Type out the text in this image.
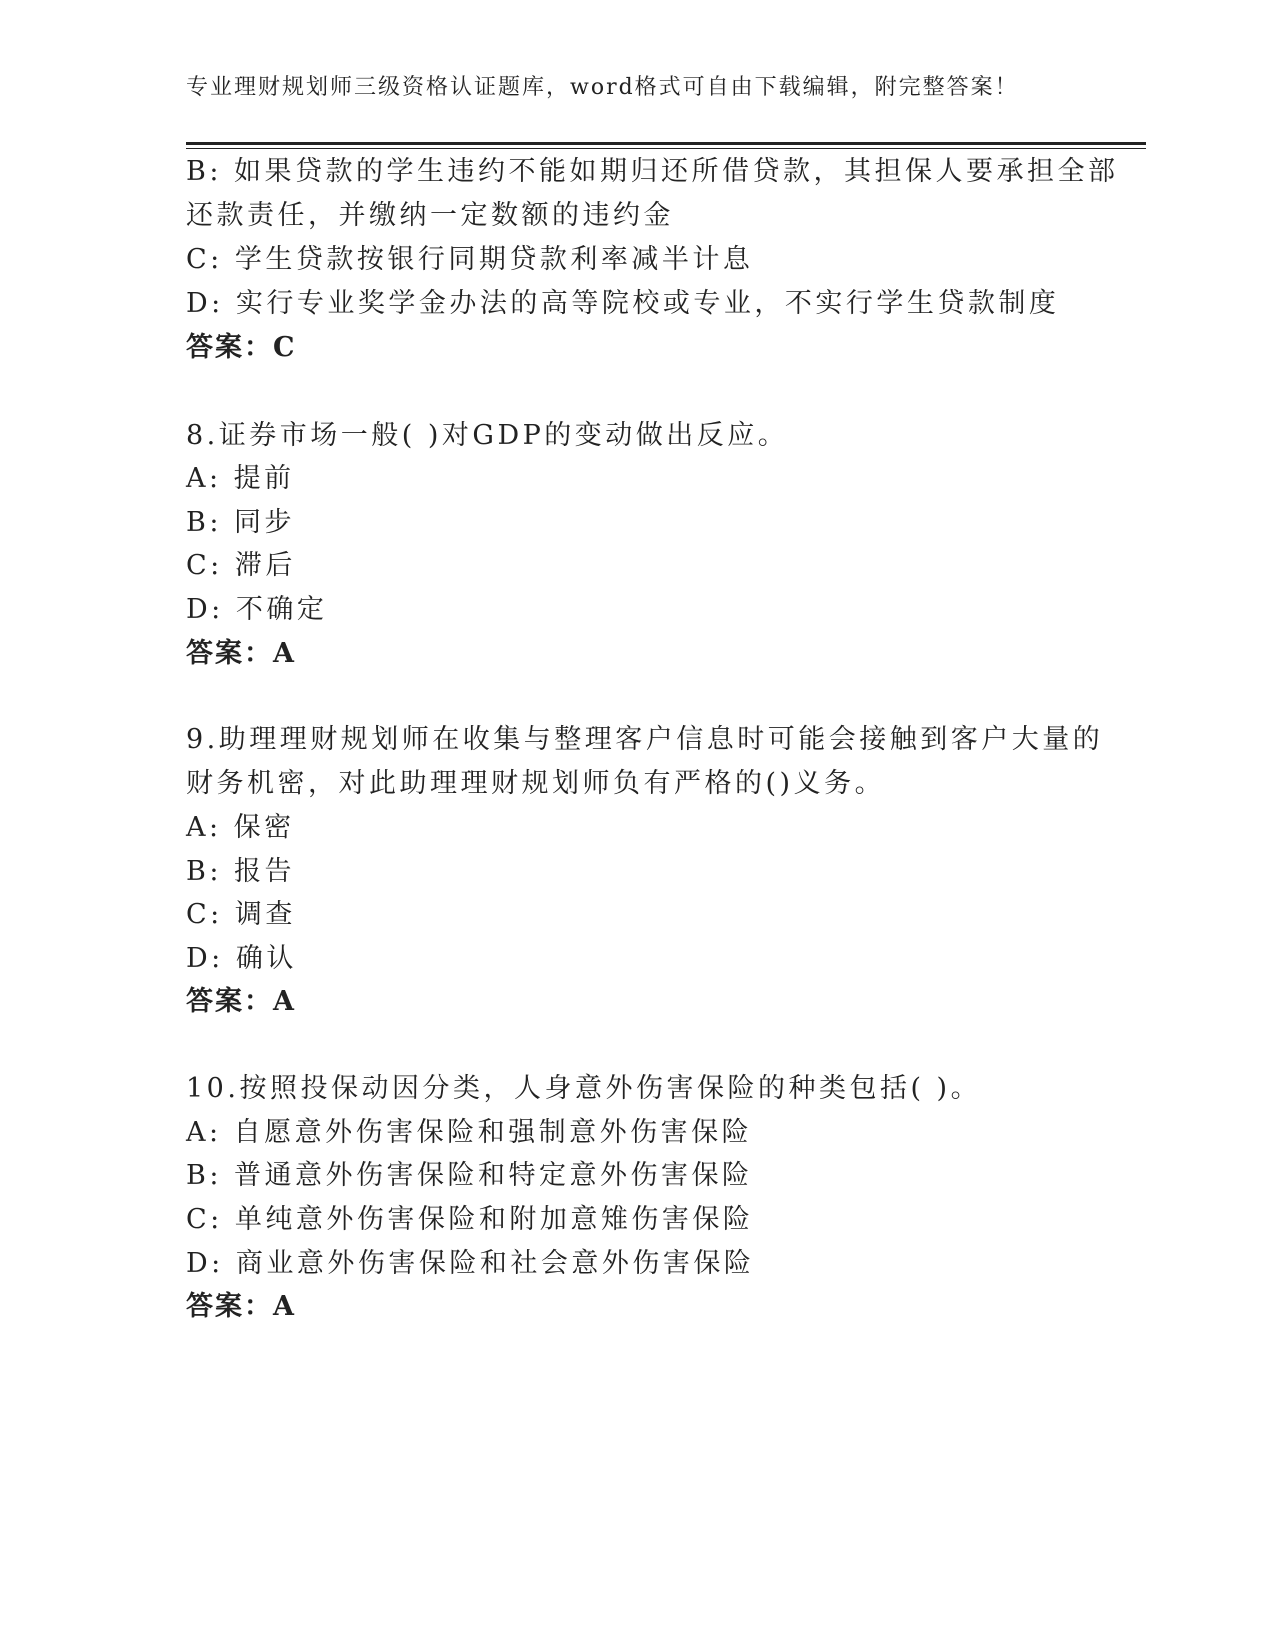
专业理财规划师三级资格认证题库，word格式可自由下载编辑，附完整答案！
B: 如果贷款的学生违约不能如期归还所借贷款，其担保人要承担全部
还款责任，并缴纳一定数额的违约金
C: 学生贷款按银行同期贷款利率减半计息
D: 实行专业奖学金办法的高等院校或专业，不实行学生贷款制度
答案：C
8.证券市场一般( )对GDP的变动做出反应。
A: 提前
B: 同步
C: 滞后
D: 不确定
答案：A
9.助理理财规划师在收集与整理客户信息时可能会接触到客户大量的
财务机密，对此助理理财规划师负有严格的()义务。
A: 保密
B: 报告
C: 调查
D: 确认
答案：A
10.按照投保动因分类，人身意外伤害保险的种类包括( )。
A: 自愿意外伤害保险和强制意外伤害保险
B: 普通意外伤害保险和特定意外伤害保险
C: 单纯意外伤害保险和附加意雉伤害保险
D: 商业意外伤害保险和社会意外伤害保险
答案：A
